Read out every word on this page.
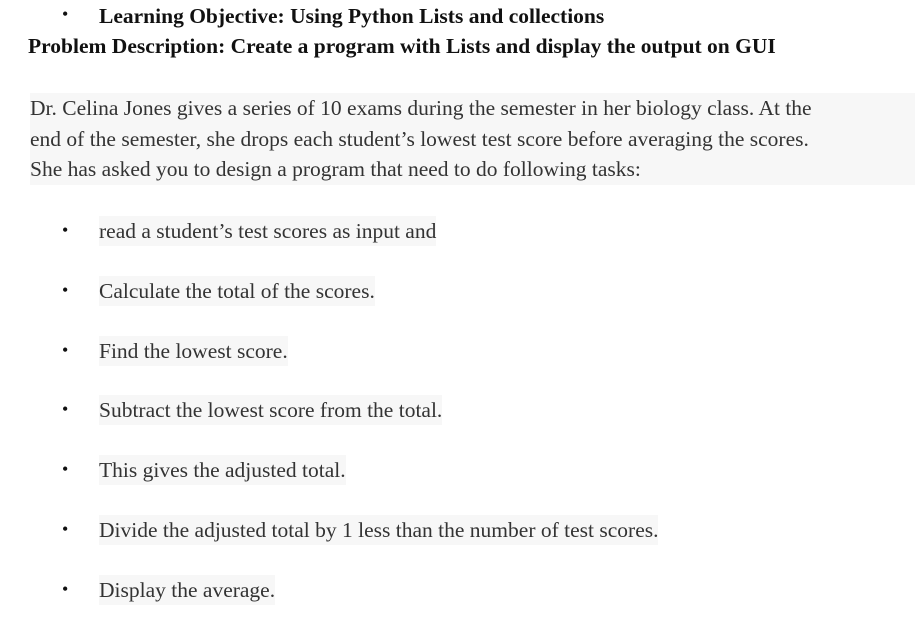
• Learning Objective: Using Python Lists and collections
Problem Description: Create a program with Lists and display the output on GUI
Dr. Celina Jones gives a series of 10 exams during the semester in her biology class. At the
end of the semester, she drops each student’s lowest test score before averaging the scores.
She has asked you to design a program that need to do following tasks:
• read a student’s test scores as input and
• Calculate the total of the scores.
• Find the lowest score.
• Subtract the lowest score from the total.
• This gives the adjusted total.
• Divide the adjusted total by 1 less than the number of test scores.
• Display the average.
